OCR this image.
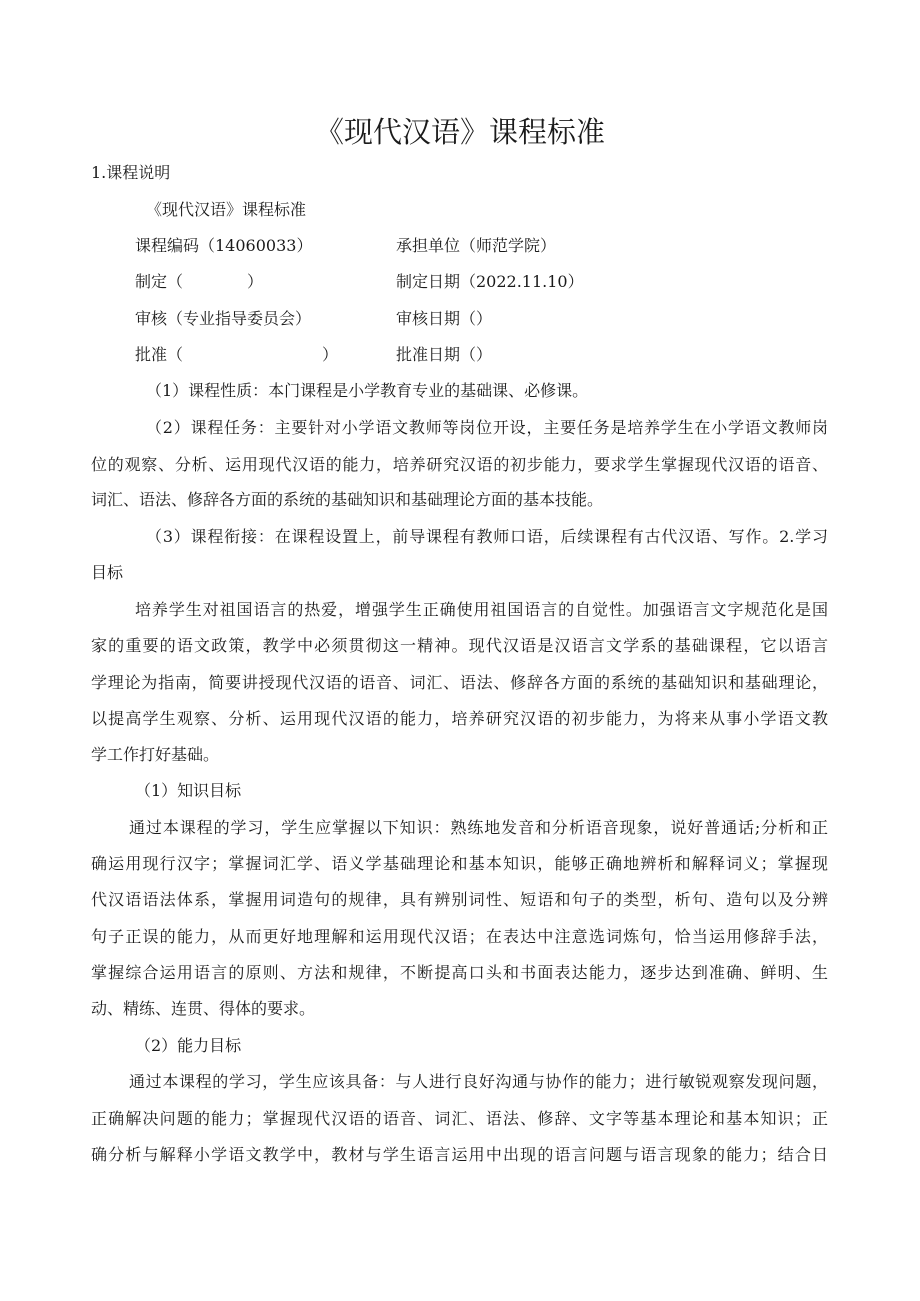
《现代汉语》课程标准
1.课程说明
《现代汉语》课程标准
课程编码（14060033）	承担单位（师范学院）
制定（	）	制定日期（2022.11.10）
审核（专业指导委员会）	审核日期（）
批准（	）	批准日期（）
（1）课程性质：本门课程是小学教育专业的基础课、必修课。
（2）课程任务：主要针对小学语文教师等岗位开设，主要任务是培养学生在小学语文教师岗
位的观察、分析、运用现代汉语的能力，培养研究汉语的初步能力，要求学生掌握现代汉语的语音、
词汇、语法、修辞各方面的系统的基础知识和基础理论方面的基本技能。
（3）课程衔接：在课程设置上，前导课程有教师口语，后续课程有古代汉语、写作。2.学习
目标
培养学生对祖国语言的热爱，增强学生正确使用祖国语言的自觉性。加强语言文字规范化是国
家的重要的语文政策，教学中必须贯彻这一精神。现代汉语是汉语言文学系的基础课程，它以语言
学理论为指南，简要讲授现代汉语的语音、词汇、语法、修辞各方面的系统的基础知识和基础理论，
以提高学生观察、分析、运用现代汉语的能力，培养研究汉语的初步能力，为将来从事小学语文教
学工作打好基础。
（1）知识目标
通过本课程的学习，学生应掌握以下知识：熟练地发音和分析语音现象，说好普通话;分析和正
确运用现行汉字；掌握词汇学、语义学基础理论和基本知识，能够正确地辨析和解释词义；掌握现
代汉语语法体系，掌握用词造句的规律，具有辨别词性、短语和句子的类型，析句、造句以及分辨
句子正误的能力，从而更好地理解和运用现代汉语；在表达中注意选词炼句，恰当运用修辞手法，
掌握综合运用语言的原则、方法和规律，不断提高口头和书面表达能力，逐步达到准确、鲜明、生
动、精练、连贯、得体的要求。
（2）能力目标
通过本课程的学习，学生应该具备：与人进行良好沟通与协作的能力；进行敏锐观察发现问题，
正确解决问题的能力；掌握现代汉语的语音、词汇、语法、修辞、文字等基本理论和基本知识；正
确分析与解释小学语文教学中，教材与学生语言运用中出现的语言问题与语言现象的能力；结合日
